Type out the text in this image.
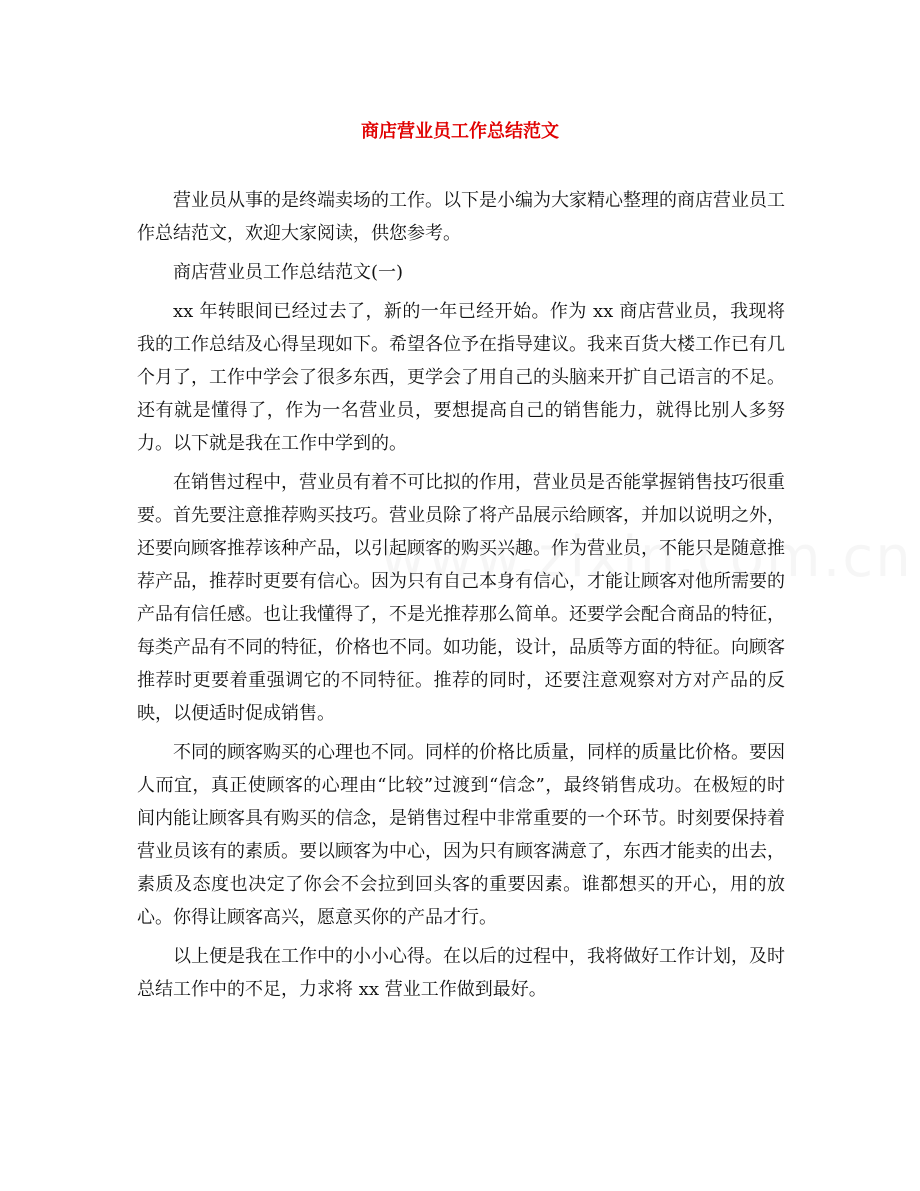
商店营业员工作总结范文

营业员从事的是终端卖场的工作。以下是小编为大家精心整理的商店营业员工作总结范文，欢迎大家阅读，供您参考。

商店营业员工作总结范文(一)

xx 年转眼间已经过去了，新的一年已经开始。作为 xx 商店营业员，我现将我的工作总结及心得呈现如下。希望各位予在指导建议。我来百货大楼工作已有几个月了，工作中学会了很多东西，更学会了用自己的头脑来开扩自己语言的不足。还有就是懂得了，作为一名营业员，要想提高自己的销售能力，就得比别人多努力。以下就是我在工作中学到的。

在销售过程中，营业员有着不可比拟的作用，营业员是否能掌握销售技巧很重要。首先要注意推荐购买技巧。营业员除了将产品展示给顾客，并加以说明之外，还要向顾客推荐该种产品，以引起顾客的购买兴趣。作为营业员，不能只是随意推荐产品，推荐时更要有信心。因为只有自己本身有信心，才能让顾客对他所需要的产品有信任感。也让我懂得了，不是光推荐那么简单。还要学会配合商品的特征，每类产品有不同的特征，价格也不同。如功能，设计，品质等方面的特征。向顾客推荐时更要着重强调它的不同特征。推荐的同时，还要注意观察对方对产品的反映，以便适时促成销售。

不同的顾客购买的心理也不同。同样的价格比质量，同样的质量比价格。要因人而宜，真正使顾客的心理由“比较”过渡到“信念”，最终销售成功。在极短的时间内能让顾客具有购买的信念，是销售过程中非常重要的一个环节。时刻要保持着营业员该有的素质。要以顾客为中心，因为只有顾客满意了，东西才能卖的出去，素质及态度也决定了你会不会拉到回头客的重要因素。谁都想买的开心，用的放心。你得让顾客高兴，愿意买你的产品才行。

以上便是我在工作中的小小心得。在以后的过程中，我将做好工作计划，及时总结工作中的不足，力求将 xx 营业工作做到最好。
